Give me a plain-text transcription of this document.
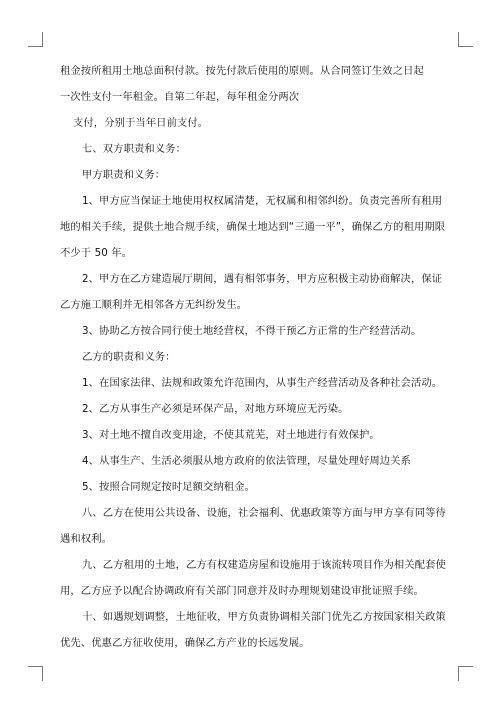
租金按所租用土地总面积付款。按先付款后使用的原则。从合同签订生效之日起
一次性支付一年租金。自第二年起，每年租金分两次
支付，分别于当年日前支付。
七、双方职责和义务：
甲方职责和义务：
1、甲方应当保证土地使用权权属清楚，无权属和相邻纠纷。负责完善所有租用
地的相关手续，提供土地合规手续，确保土地达到“三通一平”，确保乙方的租用期限
不少于 50 年。
2、甲方在乙方建造展厅期间，遇有相邻事务，甲方应积极主动协商解决，保证
乙方施工顺利并无相邻各方无纠纷发生。
3、协助乙方按合同行使土地经营权，不得干预乙方正常的生产经营活动。
乙方的职责和义务：
1、在国家法律、法规和政策允许范围内，从事生产经营活动及各种社会活动。
2、乙方从事生产必须是环保产品，对地方环境应无污染。
3、对土地不擅自改变用途，不使其荒芜，对土地进行有效保护。
4、从事生产、生活必须服从地方政府的依法管理，尽量处理好周边关系
5、按照合同规定按时足额交纳租金。
八、乙方在使用公共设备、设施，社会福利、优惠政策等方面与甲方享有同等待
遇和权利。
九、乙方租用的土地，乙方有权建造房屋和设施用于该流转项目作为相关配套使
用，乙方应予以配合协调政府有关部门同意并及时办理规划建设审批证照手续。
十、如遇规划调整，土地征收，甲方负责协调相关部门优先乙方按国家相关政策
优先、优惠乙方征收使用，确保乙方产业的长远发展。
